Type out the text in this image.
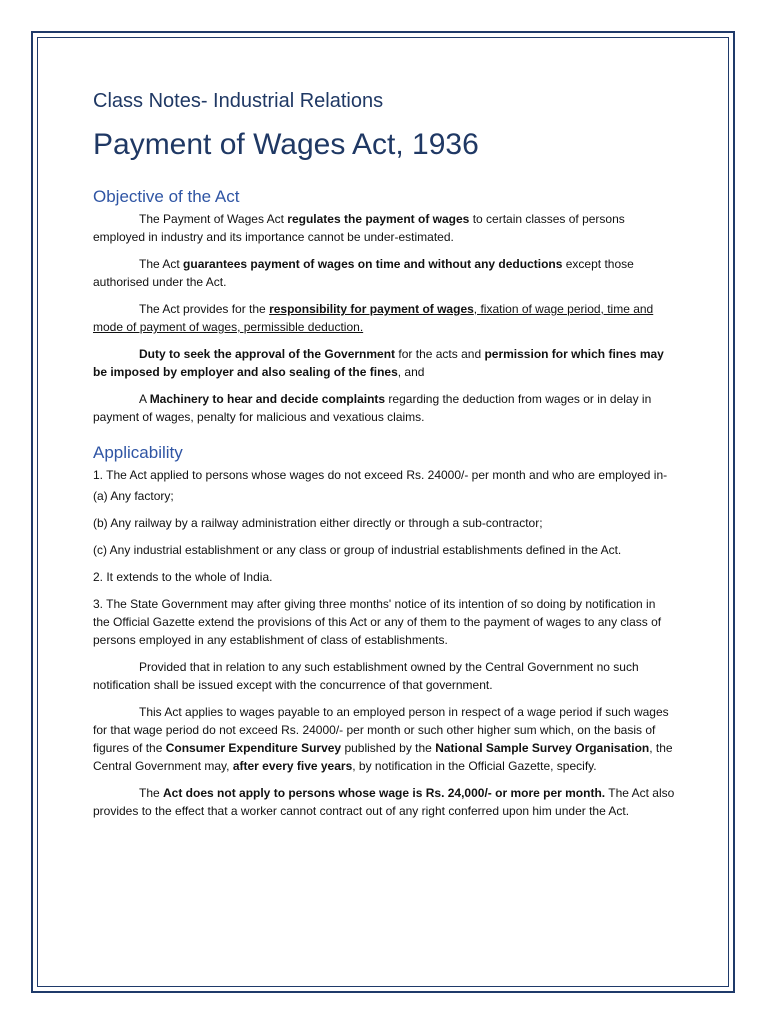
Class Notes- Industrial Relations
Payment of Wages Act, 1936
Objective of the Act

The Payment of Wages Act regulates the payment of wages to certain classes of persons employed in industry and its importance cannot be under-estimated.

The Act guarantees payment of wages on time and without any deductions except those authorised under the Act.

The Act provides for the responsibility for payment of wages, fixation of wage period, time and mode of payment of wages, permissible deduction.

Duty to seek the approval of the Government for the acts and permission for which fines may be imposed by employer and also sealing of the fines, and

A Machinery to hear and decide complaints regarding the deduction from wages or in delay in payment of wages, penalty for malicious and vexatious claims.

Applicability

1. The Act applied to persons whose wages do not exceed Rs. 24000/- per month and who are employed in-

(a) Any factory;

(b) Any railway by a railway administration either directly or through a sub-contractor;

(c) Any industrial establishment or any class or group of industrial establishments defined in the Act.

2. It extends to the whole of India.

3. The State Government may after giving three months' notice of its intention of so doing by notification in the Official Gazette extend the provisions of this Act or any of them to the payment of wages to any class of persons employed in any establishment of class of establishments.

Provided that in relation to any such establishment owned by the Central Government no such notification shall be issued except with the concurrence of that government.

This Act applies to wages payable to an employed person in respect of a wage period if such wages for that wage period do not exceed Rs. 24000/- per month or such other higher sum which, on the basis of figures of the Consumer Expenditure Survey published by the National Sample Survey Organisation, the Central Government may, after every five years, by notification in the Official Gazette, specify.

The Act does not apply to persons whose wage is Rs. 24,000/- or more per month. The Act also provides to the effect that a worker cannot contract out of any right conferred upon him under the Act.
